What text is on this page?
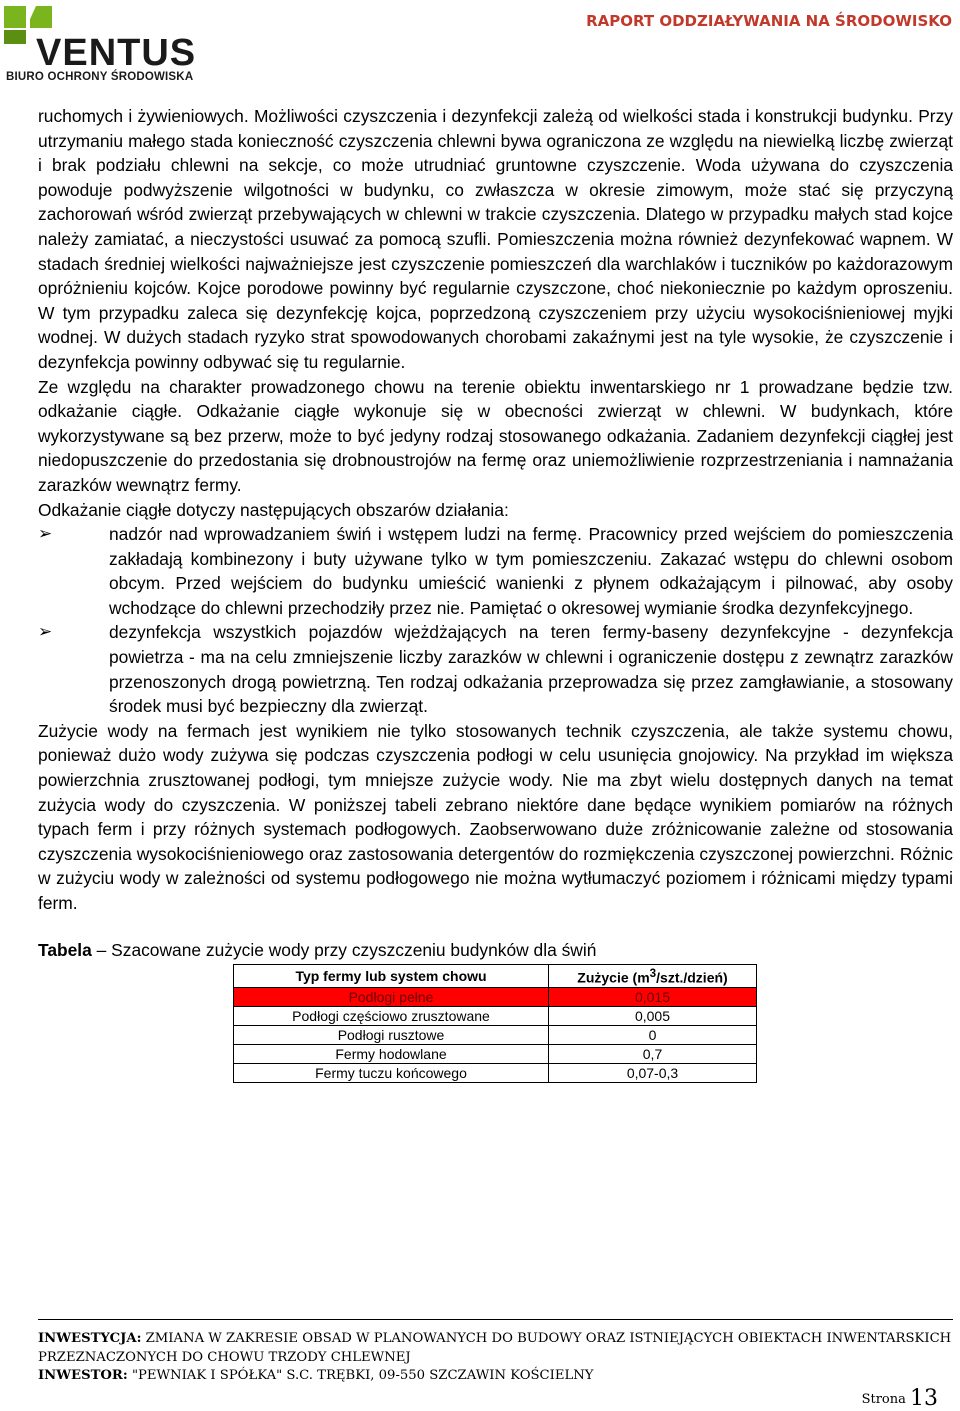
VENTUS
BIURO OCHRONY ŚRODOWISKA
RAPORT ODDZIAŁYWANIA NA ŚRODOWISKO

ruchomych i żywieniowych. Możliwości czyszczenia i dezynfekcji zależą od wielkości stada i konstrukcji budynku. Przy utrzymaniu małego stada konieczność czyszczenia chlewni bywa ograniczona ze względu na niewielką liczbę zwierząt i brak podziału chlewni na sekcje, co może utrudniać gruntowne czyszczenie. Woda używana do czyszczenia powoduje podwyższenie wilgotności w budynku, co zwłaszcza w okresie zimowym, może stać się przyczyną zachorowań wśród zwierząt przebywających w chlewni w trakcie czyszczenia. Dlatego w przypadku małych stad kojce należy zamiatać, a nieczystości usuwać za pomocą szufli. Pomieszczenia można również dezynfekować wapnem. W stadach średniej wielkości najważniejsze jest czyszczenie pomieszczeń dla warchlaków i tuczników po każdorazowym opróżnieniu kojców. Kojce porodowe powinny być regularnie czyszczone, choć niekoniecznie po każdym oproszeniu. W tym przypadku zaleca się dezynfekcję kojca, poprzedzoną czyszczeniem przy użyciu wysokociśnieniowej myjki wodnej. W dużych stadach ryzyko strat spowodowanych chorobami zakaźnymi jest na tyle wysokie, że czyszczenie i dezynfekcja powinny odbywać się tu regularnie.

Ze względu na charakter prowadzonego chowu na terenie obiektu inwentarskiego nr 1 prowadzane będzie tzw. odkażanie ciągłe. Odkażanie ciągłe wykonuje się w obecności zwierząt w chlewni. W budynkach, które wykorzystywane są bez przerw, może to być jedyny rodzaj stosowanego odkażania. Zadaniem dezynfekcji ciągłej jest niedopuszczenie do przedostania się drobnoustrojów na fermę oraz uniemożliwienie rozprzestrzeniania i namnażania zarazków wewnątrz fermy.

Odkażanie ciągłe dotyczy następujących obszarów działania:

➢	nadzór nad wprowadzaniem świń i wstępem ludzi na fermę. Pracownicy przed wejściem do pomieszczenia zakładają kombinezony i buty używane tylko w tym pomieszczeniu. Zakazać wstępu do chlewni osobom obcym. Przed wejściem do budynku umieścić wanienki z płynem odkażającym i pilnować, aby osoby wchodzące do chlewni przechodziły przez nie. Pamiętać o okresowej wymianie środka dezynfekcyjnego.
➢	dezynfekcja wszystkich pojazdów wjeżdżających na teren fermy-baseny dezynfekcyjne - dezynfekcja powietrza - ma na celu zmniejszenie liczby zarazków w chlewni i ograniczenie dostępu z zewnątrz zarazków przenoszonych drogą powietrzną. Ten rodzaj odkażania przeprowadza się przez zamgławianie, a stosowany środek musi być bezpieczny dla zwierząt.

Zużycie wody na fermach jest wynikiem nie tylko stosowanych technik czyszczenia, ale także systemu chowu, ponieważ dużo wody zużywa się podczas czyszczenia podłogi w celu usunięcia gnojowicy. Na przykład im większa powierzchnia zrusztowanej podłogi, tym mniejsze zużycie wody. Nie ma zbyt wielu dostępnych danych na temat zużycia wody do czyszczenia. W poniższej tabeli zebrano niektóre dane będące wynikiem pomiarów na różnych typach ferm i przy różnych systemach podłogowych. Zaobserwowano duże zróżnicowanie zależne od stosowania czyszczenia wysokociśnieniowego oraz zastosowania detergentów do rozmiękczenia czyszczonej powierzchni. Różnic w zużyciu wody w zależności od systemu podłogowego nie można wytłumaczyć poziomem i różnicami między typami ferm.

Tabela – Szacowane zużycie wody przy czyszczeniu budynków dla świń
Typ fermy lub system chowu	Zużycie $(m^3/szt./dzień)$
Podłogi pełne	0,015
Podłogi częściowo zrusztowane	0,005
Podłogi rusztowe	0
Fermy hodowlane	0,7
Fermy tuczu końcowego	0,07-0,3
INWESTYCJA: ZMIANA W ZAKRESIE OBSAD W PLANOWANYCH DO BUDOWY ORAZ ISTNIEJĄCYCH OBIEKTACH INWENTARSKICH PRZEZNACZONYCH DO CHOWU TRZODY CHLEWNEJ
INWESTOR: "PEWNIAK I SPÓŁKA" S.C. TRĘBKI, 09-550 SZCZAWIN KOŚCIELNY
Strona 13
